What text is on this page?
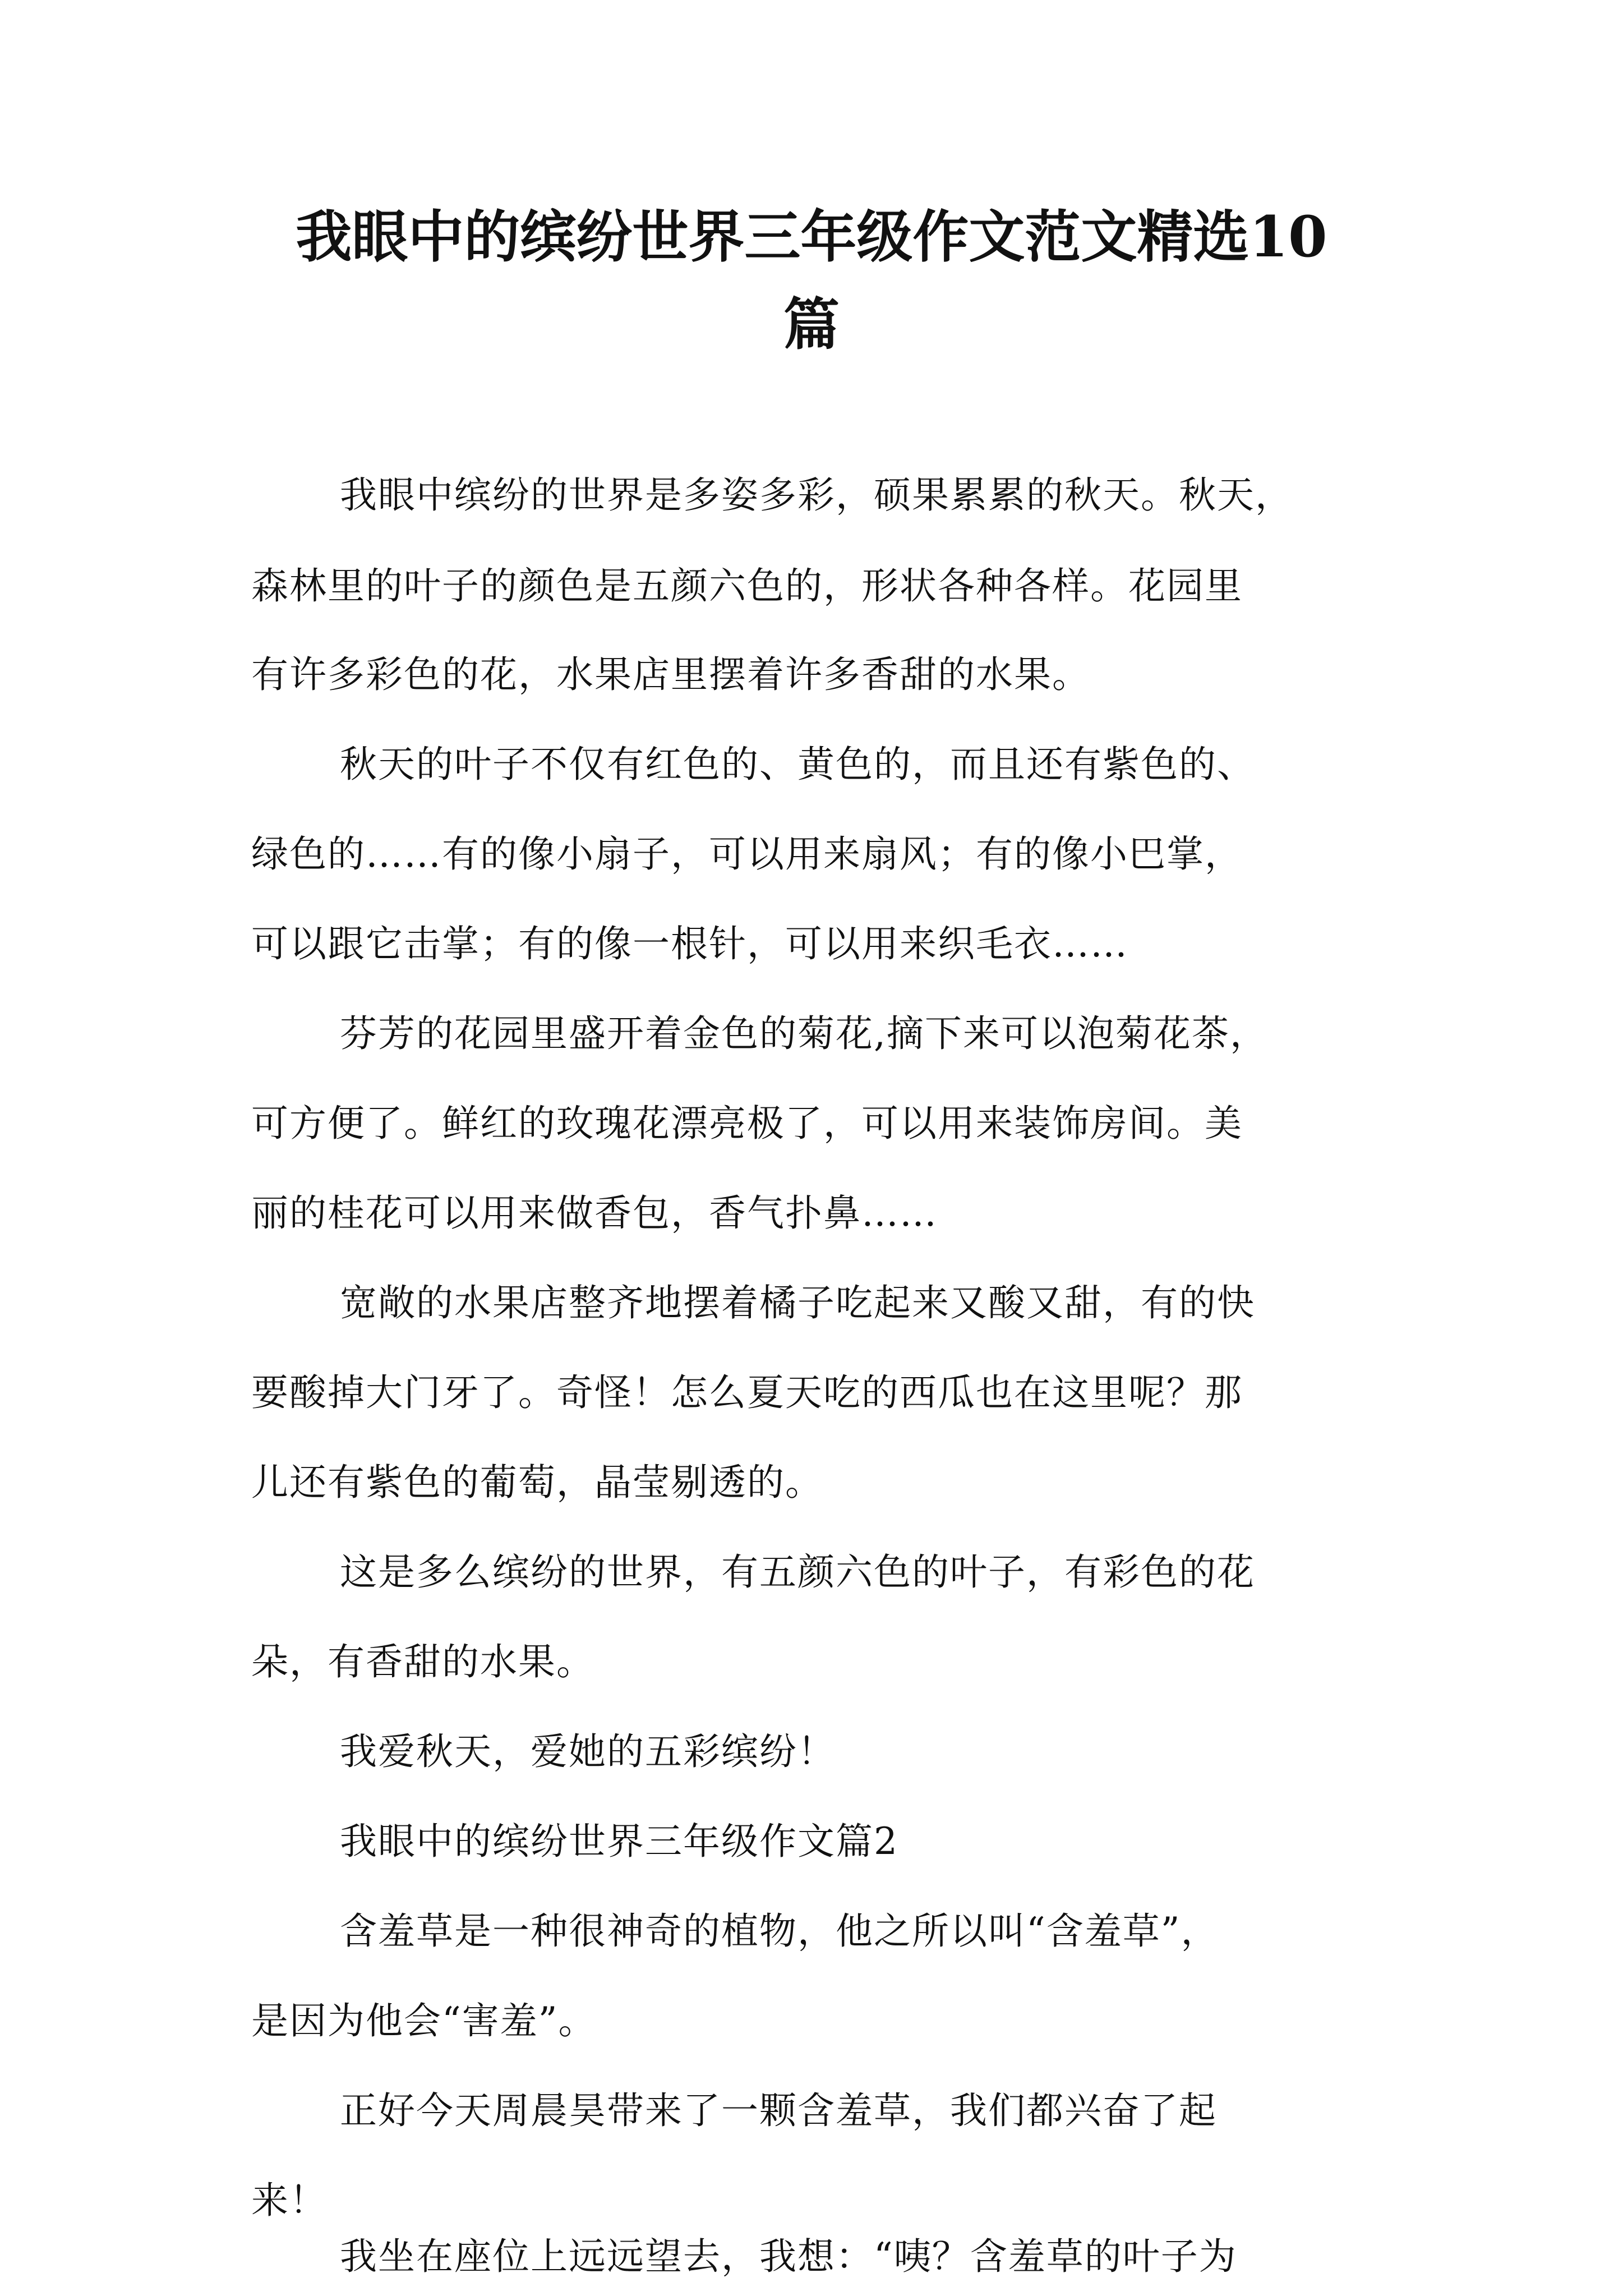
我眼中的缤纷世界三年级作文范文精选10
篇
我眼中缤纷的世界是多姿多彩，硕果累累的秋天。秋天，
森林里的叶子的颜色是五颜六色的，形状各种各样。花园里
有许多彩色的花，水果店里摆着许多香甜的水果。
秋天的叶子不仅有红色的、黄色的，而且还有紫色的、
绿色的……有的像小扇子，可以用来扇风；有的像小巴掌，
可以跟它击掌；有的像一根针，可以用来织毛衣……
芬芳的花园里盛开着金色的菊花,摘下来可以泡菊花茶，
可方便了。鲜红的玫瑰花漂亮极了，可以用来装饰房间。美
丽的桂花可以用来做香包，香气扑鼻……
宽敞的水果店整齐地摆着橘子吃起来又酸又甜，有的快
要酸掉大门牙了。奇怪！怎么夏天吃的西瓜也在这里呢？那
儿还有紫色的葡萄，晶莹剔透的。
这是多么缤纷的世界，有五颜六色的叶子，有彩色的花
朵，有香甜的水果。
我爱秋天，爱她的五彩缤纷！
我眼中的缤纷世界三年级作文篇2
含羞草是一种很神奇的植物，他之所以叫“含羞草”，
是因为他会“害羞”。
正好今天周晨昊带来了一颗含羞草，我们都兴奋了起
来！
我坐在座位上远远望去，我想：“咦？含羞草的叶子为
